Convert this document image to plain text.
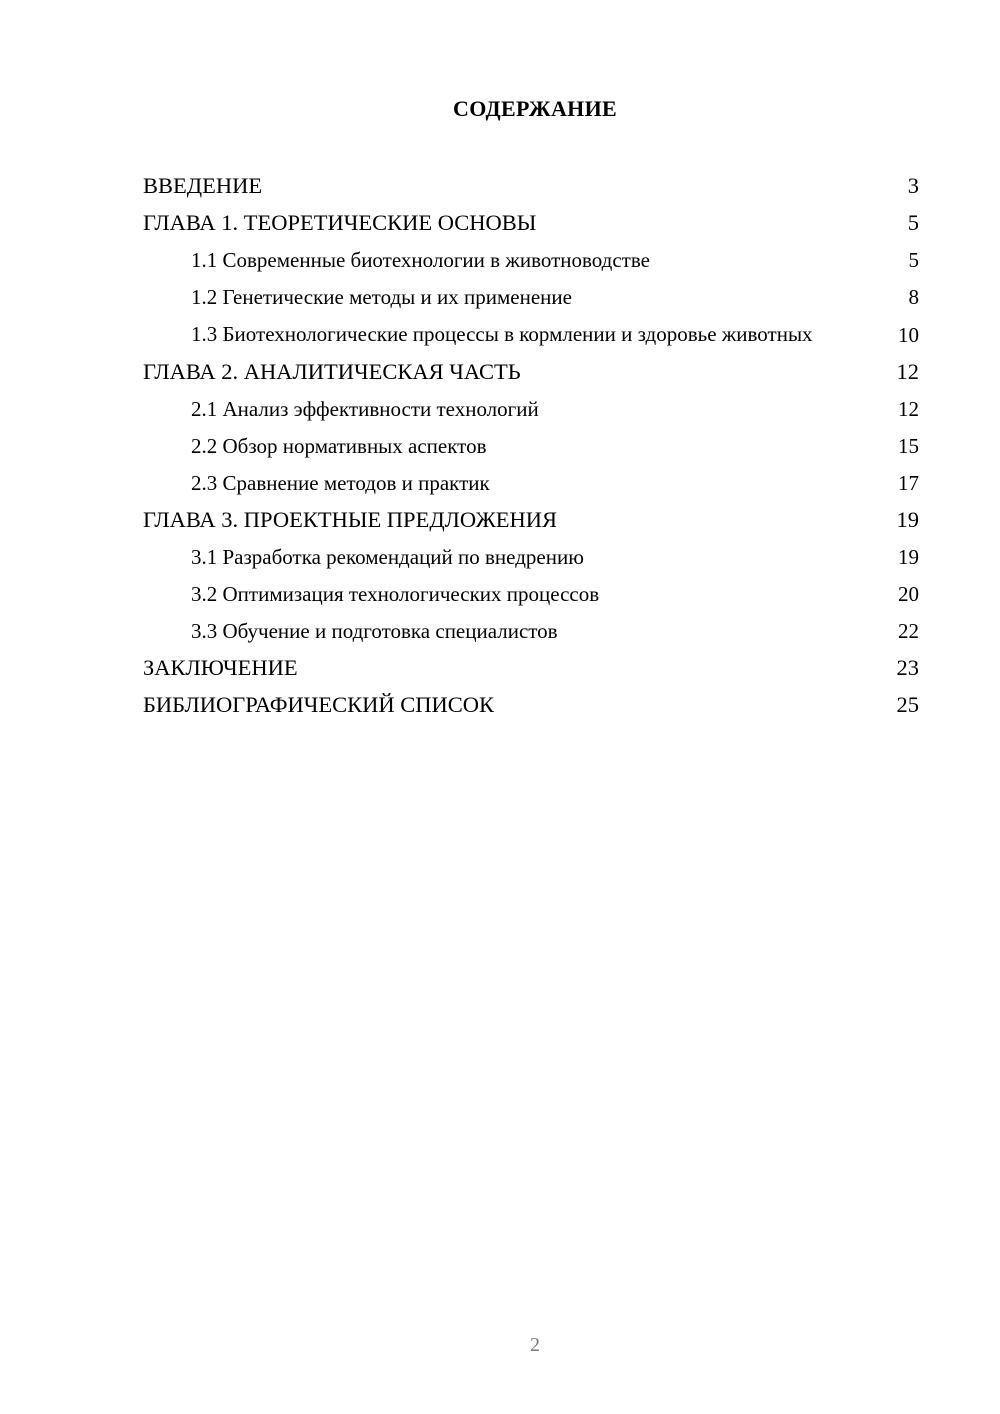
СОДЕРЖАНИЕ
ВВЕДЕНИЕ	3
ГЛАВА 1. ТЕОРЕТИЧЕСКИЕ ОСНОВЫ	5
1.1 Современные биотехнологии в животноводстве	5
1.2 Генетические методы и их применение	8
1.3 Биотехнологические процессы в кормлении и здоровье животных	10
ГЛАВА 2. АНАЛИТИЧЕСКАЯ ЧАСТЬ	12
2.1 Анализ эффективности технологий	12
2.2 Обзор нормативных аспектов	15
2.3 Сравнение методов и практик	17
ГЛАВА 3. ПРОЕКТНЫЕ ПРЕДЛОЖЕНИЯ	19
3.1 Разработка рекомендаций по внедрению	19
3.2 Оптимизация технологических процессов	20
3.3 Обучение и подготовка специалистов	22
ЗАКЛЮЧЕНИЕ	23
БИБЛИОГРАФИЧЕСКИЙ СПИСОК	25
2
